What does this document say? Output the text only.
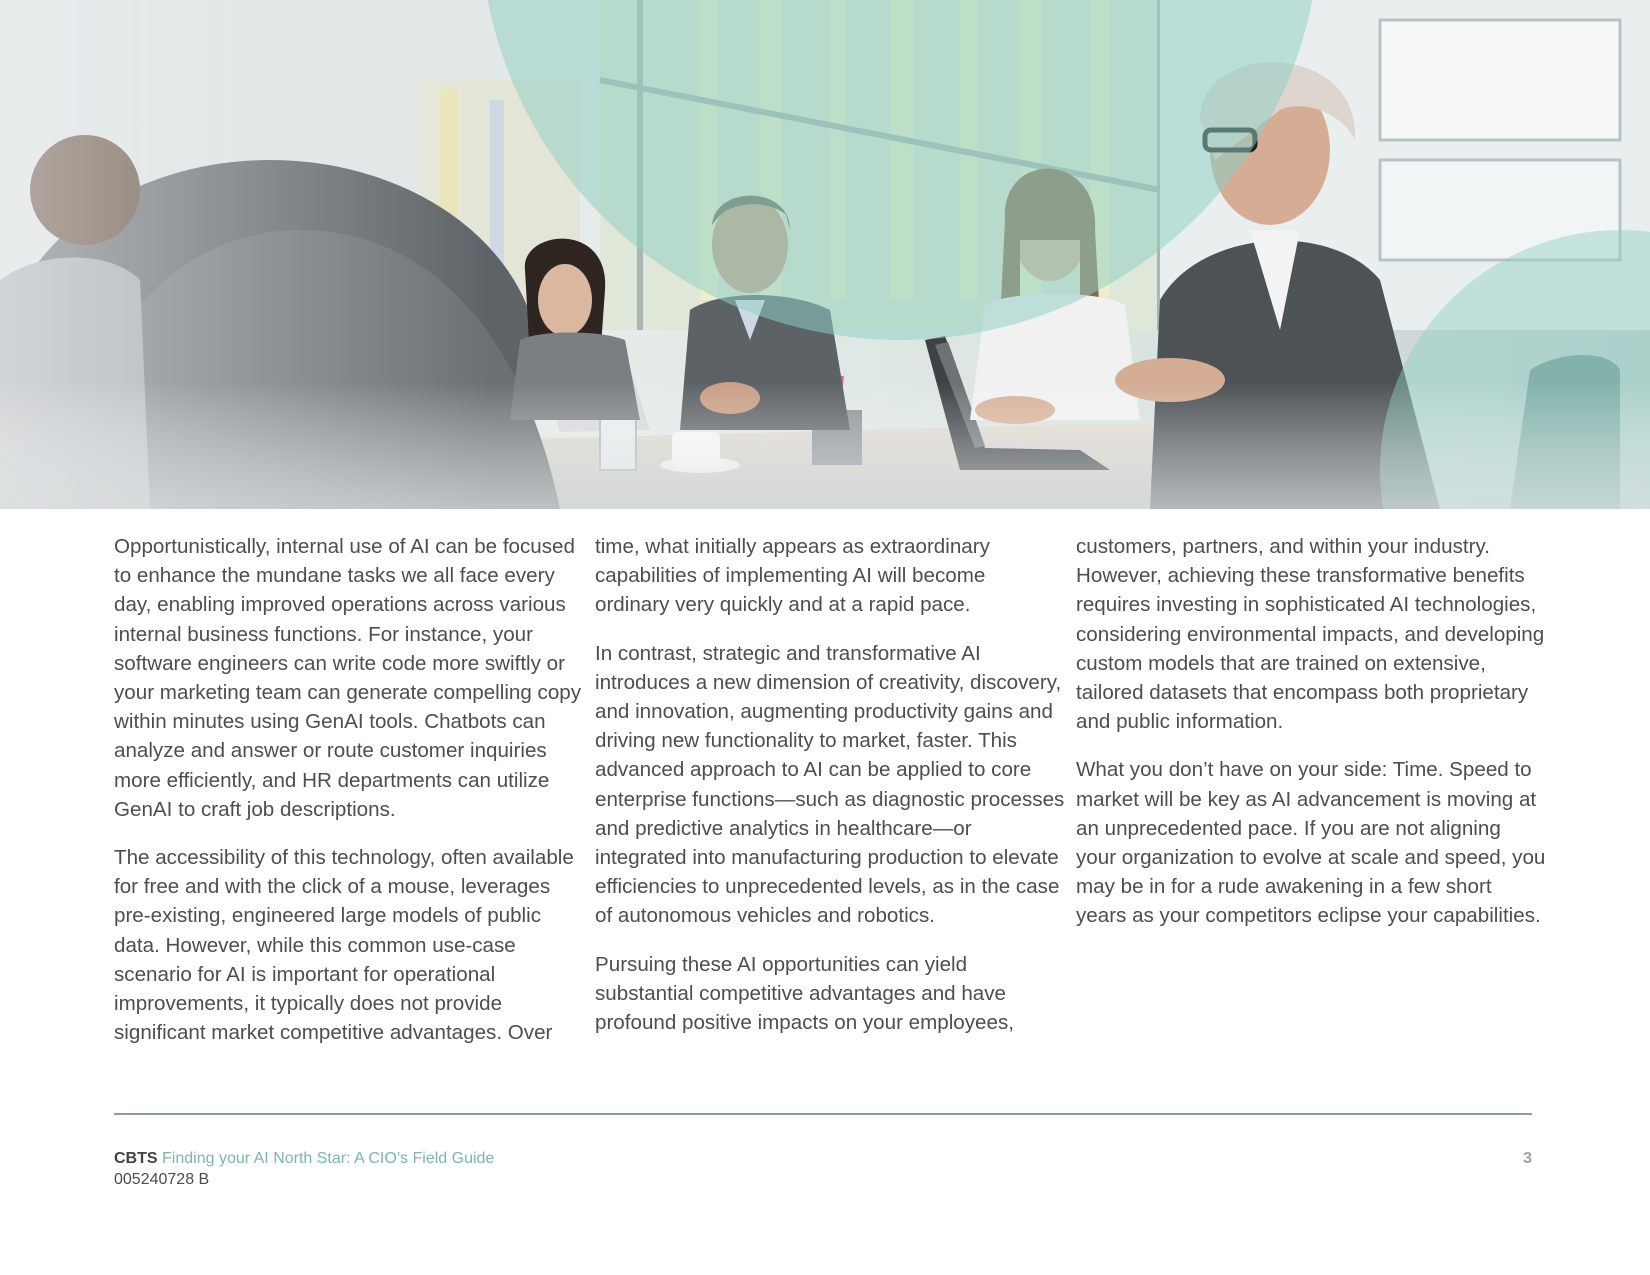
Opportunistically, internal use of AI can be focused to enhance the mundane tasks we all face every day, enabling improved operations across various internal business functions. For instance, your software engineers can write code more swiftly or your marketing team can generate compelling copy within minutes using GenAI tools. Chatbots can analyze and answer or route customer inquiries more efficiently, and HR departments can utilize GenAI to craft job descriptions.

The accessibility of this technology, often available for free and with the click of a mouse, leverages pre-existing, engineered large models of public data. However, while this common use-case scenario for AI is important for operational improvements, it typically does not provide significant market competitive advantages. Over

time, what initially appears as extraordinary capabilities of implementing AI will become ordinary very quickly and at a rapid pace.

In contrast, strategic and transformative AI introduces a new dimension of creativity, discovery, and innovation, augmenting productivity gains and driving new functionality to market, faster. This advanced approach to AI can be applied to core enterprise functions—such as diagnostic processes and predictive analytics in healthcare—or integrated into manufacturing production to elevate efficiencies to unprecedented levels, as in the case of autonomous vehicles and robotics.

Pursuing these AI opportunities can yield substantial competitive advantages and have profound positive impacts on your employees,

customers, partners, and within your industry. However, achieving these transformative benefits requires investing in sophisticated AI technologies, considering environmental impacts, and developing custom models that are trained on extensive, tailored datasets that encompass both proprietary and public information.

What you don’t have on your side: Time. Speed to market will be key as AI advancement is moving at an unprecedented pace. If you are not aligning your organization to evolve at scale and speed, you may be in for a rude awakening in a few short years as your competitors eclipse your capabilities.

CBTS Finding your AI North Star: A CIO’s Field Guide
005240728 B
3
